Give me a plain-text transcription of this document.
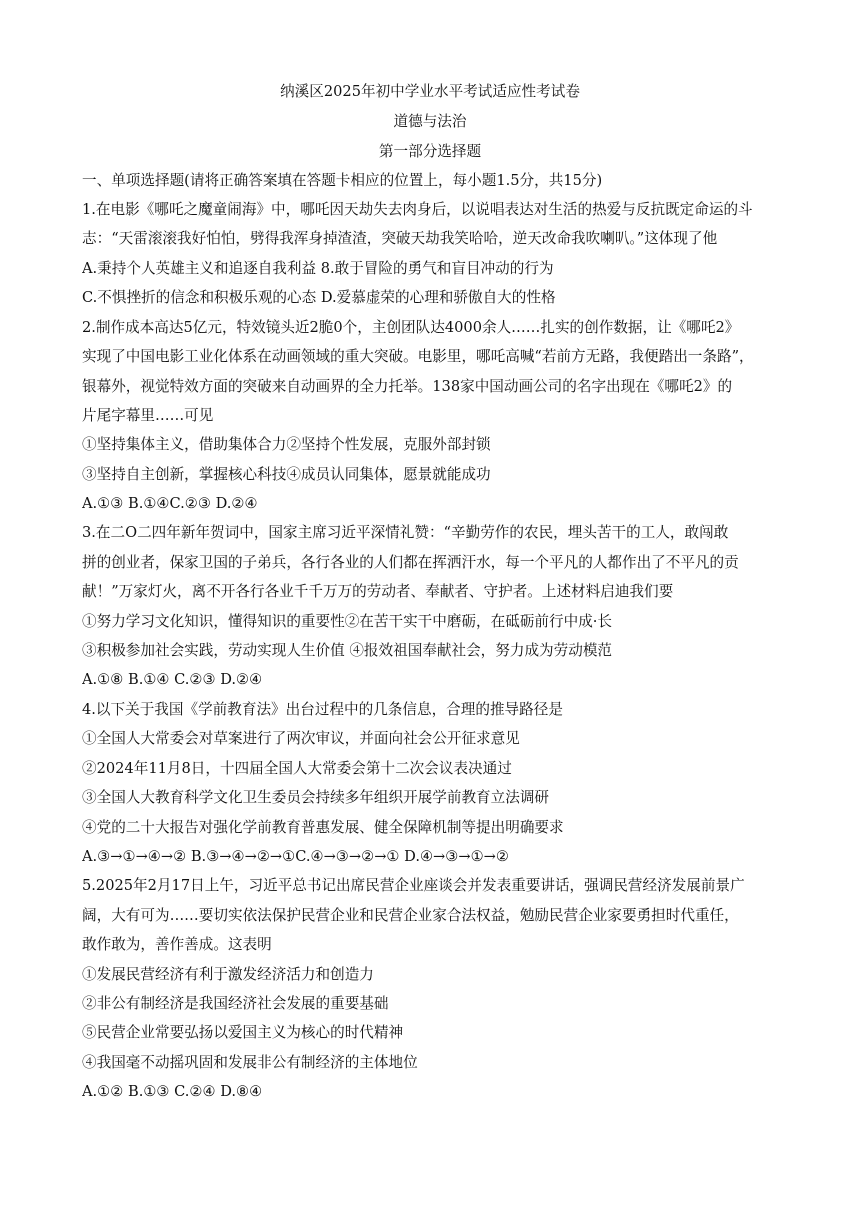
纳溪区2025年初中学业水平考试适应性考试卷
道德与法治
第一部分选择题
一、单项选择题(请将正确答案填在答题卡相应的位置上，每小题1.5分，共15分)
1.在电影《哪吒之魔童闹海》中，哪吒因天劫失去肉身后，以说唱表达对生活的热爱与反抗既定命运的斗
志：“天雷滚滚我好怕怕，劈得我浑身掉渣渣，突破天劫我笑哈哈，逆天改命我吹喇叭。”这体现了他
A.秉持个人英雄主义和追逐自我利益 8.敢于冒险的勇气和盲目冲动的行为
C.不惧挫折的信念和积极乐观的心态 D.爱慕虚荣的心理和骄傲自大的性格
2.制作成本高达5亿元，特效镜头近2脆0个，主创团队达4000余人……扎实的创作数据，让《哪吒2》
实现了中国电影工业化体系在动画领域的重大突破。电影里，哪吒高喊“若前方无路，我便踏出一条路”，
银幕外，视觉特效方面的突破来自动画界的全力托举。138家中国动画公司的名字出现在《哪吒2》的
片尾字幕里……可见
①坚持集体主义，借助集体合力②坚持个性发展，克服外部封锁
③坚持自主创新，掌握核心科技④成员认同集体，愿景就能成功
A.①③ B.①④C.②③ D.②④
3.在二O二四年新年贺词中，国家主席习近平深情礼赞：“辛勤劳作的农民，埋头苦干的工人，敢闯敢
拼的创业者，保家卫国的子弟兵，各行各业的人们都在挥洒汗水，每一个平凡的人都作出了不平凡的贡
献！”万家灯火，离不开各行各业千千万万的劳动者、奉献者、守护者。上述材料启迪我们要
①努力学习文化知识，懂得知识的重要性②在苦干实干中磨砺，在砥砺前行中成·长
③积极参加社会实践，劳动实现人生价值 ④报效祖国奉献社会，努力成为劳动模范
A.①⑧ B.①④ C.②③ D.②④
4.以下关于我国《学前教育法》出台过程中的几条信息，合理的推导路径是
①全国人大常委会对草案进行了两次审议，并面向社会公开征求意见
②2024年11月8日，十四届全国人大常委会第十二次会议表决通过
③全国人大教育科学文化卫生委员会持续多年组织开展学前教育立法调研
④党的二十大报告对强化学前教育普惠发展、健全保障机制等提出明确要求
A.③→①→④→② B.③→④→②→①C.④→③→②→① D.④→③→①→②
5.2025年2月17日上午，习近平总书记出席民营企业座谈会并发表重要讲话，强调民营经济发展前景广
阔，大有可为……要切实依法保护民营企业和民营企业家合法权益，勉励民营企业家要勇担时代重任，
敢作敢为，善作善成。这表明
①发展民营经济有利于激发经济活力和创造力
②非公有制经济是我国经济社会发展的重要基础
⑤民营企业常要弘扬以爱国主义为核心的时代精神
④我国毫不动摇巩固和发展非公有制经济的主体地位
A.①② B.①③ C.②④ D.⑧④
